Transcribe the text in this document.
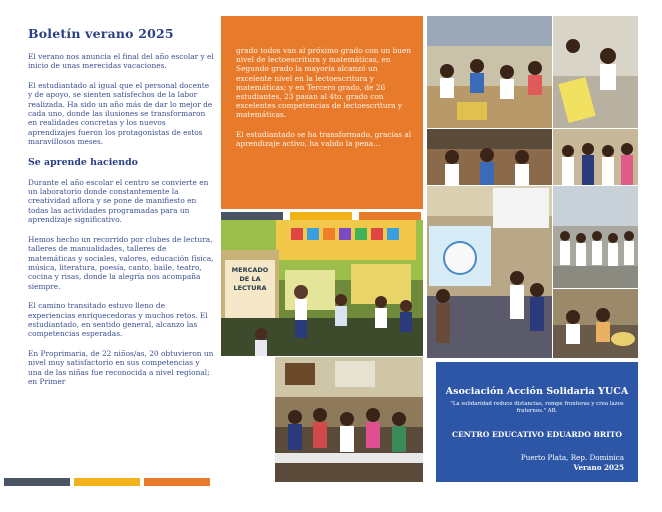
Boletín verano 2025

El verano nos anuncia el final del año escolar y el inicio de unas merecidas vacaciones.

El estudiantado al igual que el personal docente y de apoyo, se sienten satisfechos de la labor realizada. Ha sido un año más de dar lo mejor de cada uno, donde las ilusiones se transformaron en realidades concretas y los nuevos aprendizajes fueron los protagonistas de estos maravillosos meses.

Se aprende haciendo

Durante el año escolar el centro se convierte en un laboratorio donde constantemente la creatividad aflora y se pone de manifiesto en todas las actividades programadas para un aprendizaje significativo.

Hemos hecho un recorrido por clubes de lectura, talleres de manualidades, talleres de matemáticas y sociales, valores, educación física, música, literatura, poesía, canto, baile, teatro, cocina y risas, donde la alegría nos acompaña siempre.

El camino transitado estuvo lleno de experiencias enriquecedoras y muchos retos. El estudiantado, en sentido general, alcanzo las competencias esperadas.

En Proprimaria, de 22 niños/as, 20 obtuvieron un nivel muy satisfactorio en sus competencias y una de las niñas fue reconocida a nivel regional; en Primer

grado todos van al próximo grado con un buen nivel de lectoescritura y matemáticas, en Segundo grado la mayoría alcanzó un excelente nivel en la lectoescritura y matemáticas; y en Tercero grado, de 26 estudiantes, 23 pasan al 4to. grado con excelentes competencias de lectoescritura y matemáticas.

El estudiantado se ha transformado, gracias al aprendizaje activo, ha valido la pena…

MERCADO DE LA LECTURA
Asociación Acción Solidaria YUCA
"La solidaridad reduce distancias, rompe fronteras y crea lazos fraternos." AB.
CENTRO EDUCATIVO EDUARDO BRITO
Puerto Plata, Rep. Dominica
Verano 2025
